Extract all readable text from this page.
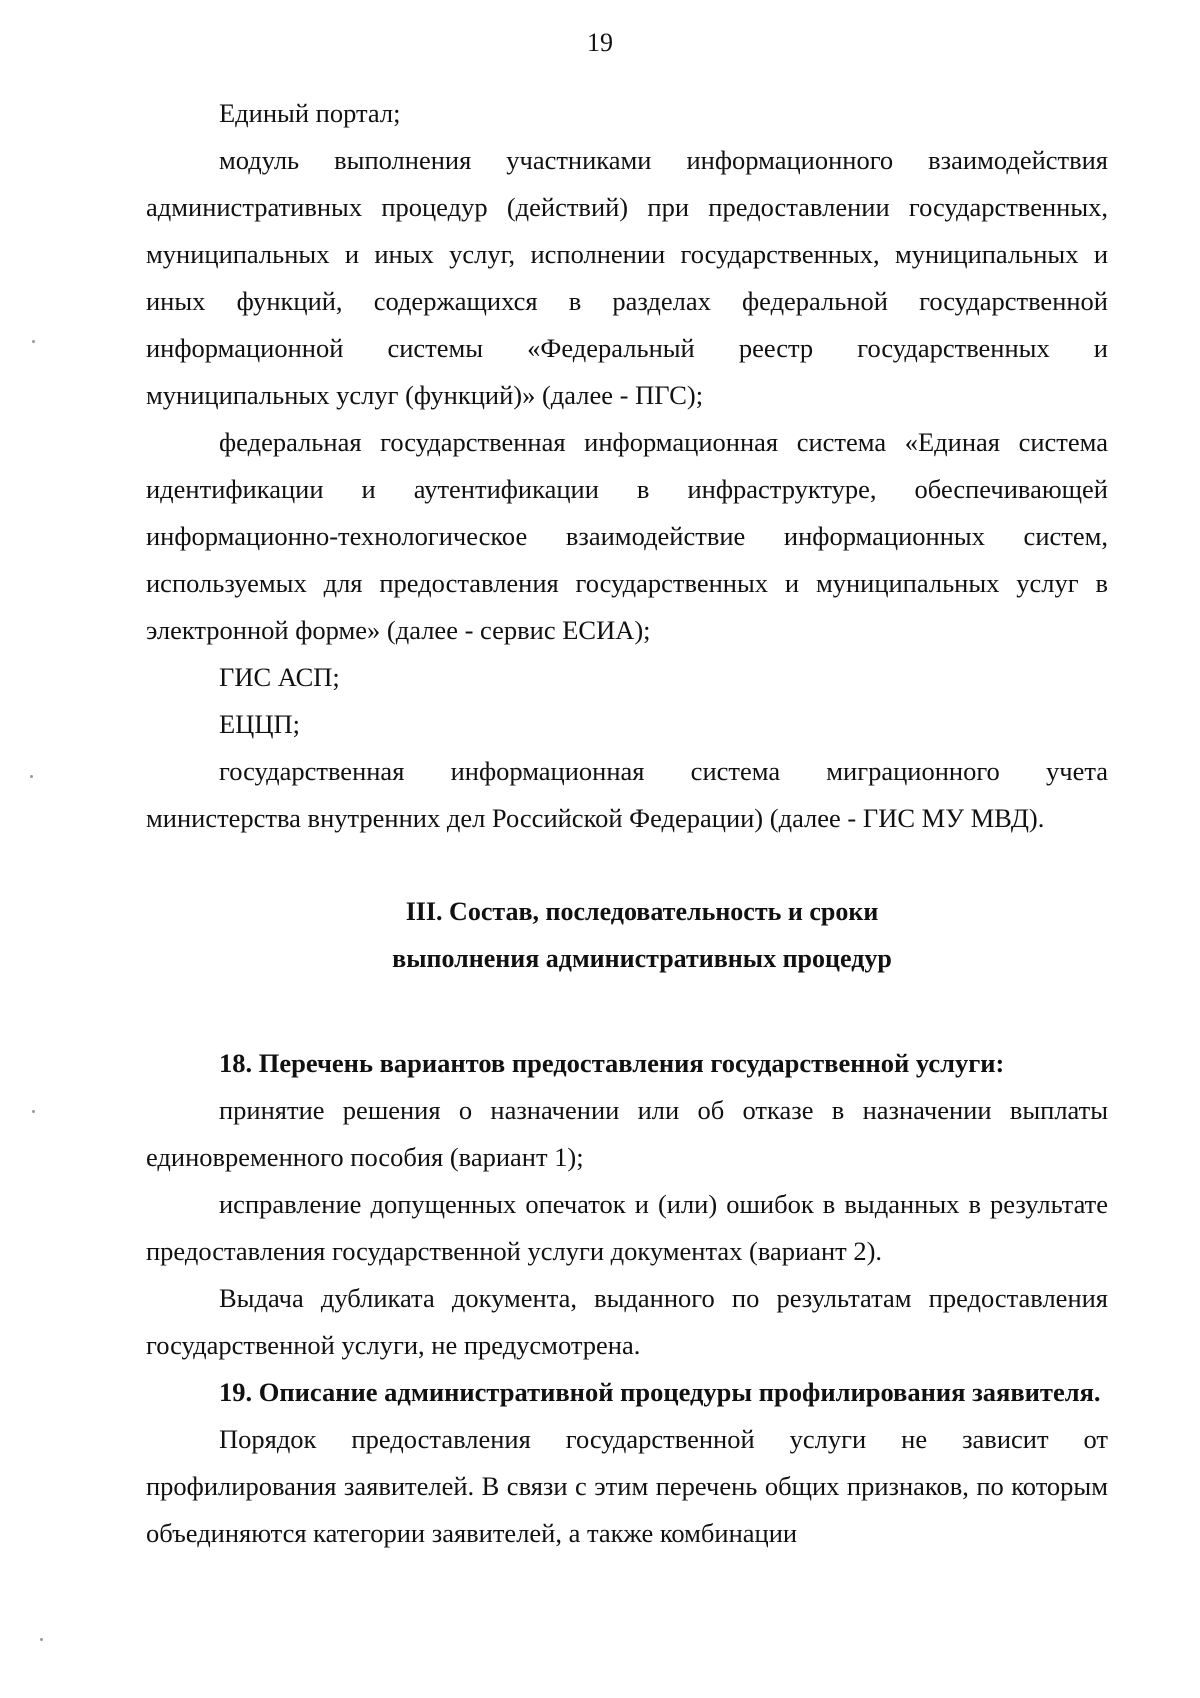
19

Единый портал;

модуль выполнения участниками информационного взаимодействия административных процедур (действий) при предоставлении государственных, муниципальных и иных услуг, исполнении государственных, муниципальных и иных функций, содержащихся в разделах федеральной государственной информационной системы «Федеральный реестр государственных и муниципальных услуг (функций)» (далее - ПГС);

федеральная государственная информационная система «Единая система идентификации и аутентификации в инфраструктуре, обеспечивающей информационно-технологическое взаимодействие информационных систем, используемых для предоставления государственных и муниципальных услуг в электронной форме» (далее - сервис ЕСИА);

ГИС АСП;

ЕЦЦП;

государственная информационная система миграционного учета министерства внутренних дел Российской Федерации) (далее - ГИС МУ МВД).

III. Состав, последовательность и сроки

выполнения административных процедур

18. Перечень вариантов предоставления государственной услуги:

принятие решения о назначении или об отказе в назначении выплаты единовременного пособия (вариант 1);

исправление допущенных опечаток и (или) ошибок в выданных в результате предоставления государственной услуги документах (вариант 2).

Выдача дубликата документа, выданного по результатам предоставления государственной услуги, не предусмотрена.

19. Описание административной процедуры профилирования заявителя.

Порядок предоставления государственной услуги не зависит от профилирования заявителей. В связи с этим перечень общих признаков, по которым объединяются категории заявителей, а также комбинации
